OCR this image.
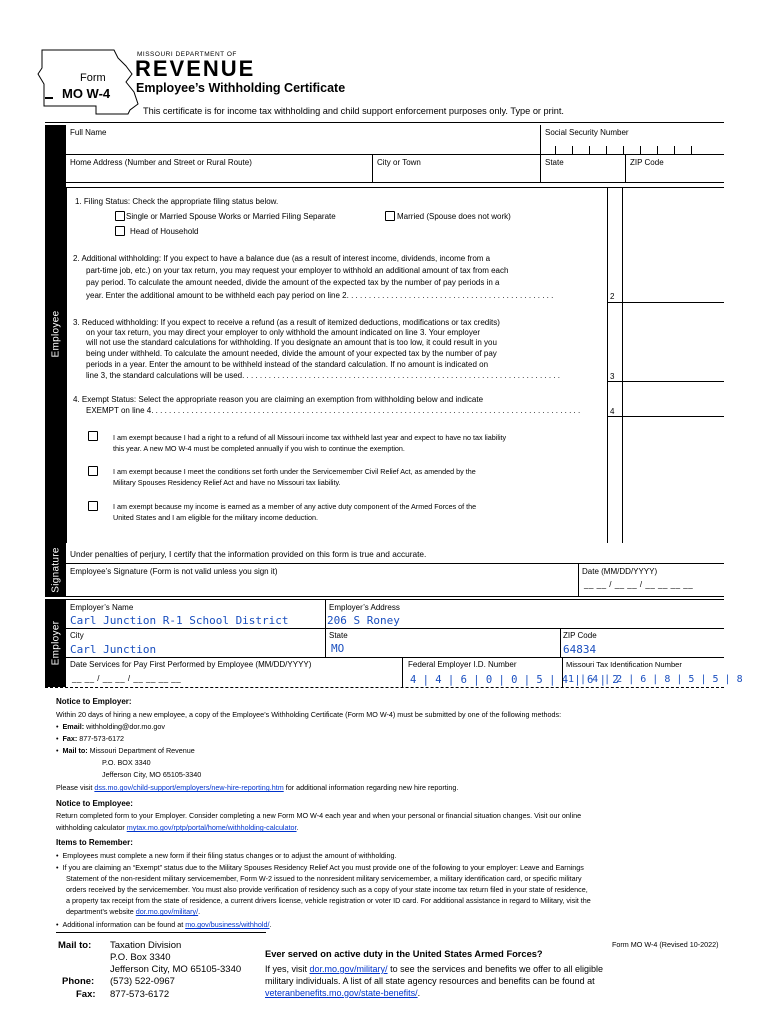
Form
MO W-4
MISSOURI DEPARTMENT OF
REVENUE
Employee’s Withholding Certificate
This certificate is for income tax withholding and child support enforcement purposes only. Type or print.
Employee
Full Name	Social Security Number
Home Address (Number and Street or Rural Route)	City or Town	State	ZIP Code
1. Filing Status: Check the appropriate filing status below.
Single or Married Spouse Works or Married Filing Separate	Married (Spouse does not work)
Head of Household
2. Additional withholding: If you expect to have a balance due (as a result of interest income, dividends, income from a
part-time job, etc.) on your tax return, you may request your employer to withhold an additional amount of tax from each
pay period. To calculate the amount needed, divide the amount of the expected tax by the number of pay periods in a
year. Enter the additional amount to be withheld each pay period on line 2. . . . . . . . . . . . . . . . . . . . . . . . . . . . . . . . . . . . . . . . . . . . . . .	2
3. Reduced withholding: If you expect to receive a refund (as a result of itemized deductions, modifications or tax credits)
on your tax return, you may direct your employer to only withhold the amount indicated on line 3. Your employer
will not use the standard calculations for withholding. If you designate an amount that is too low, it could result in you
being under withheld. To calculate the amount needed, divide the amount of your expected tax by the number of pay
periods in a year. Enter the amount to be withheld instead of the standard calculation. If no amount is indicated on
line 3, the standard calculations will be used. . . . . . . . . . . . . . . . . . . . . . . . . . . . . . . . . . . . . . . . . . . . . . . . . . . . . . . . . . . . . . . . . . . . . . . .	3
4. Exempt Status: Select the appropriate reason you are claiming an exemption from withholding below and indicate
EXEMPT on line 4. . . . . . . . . . . . . . . . . . . . . . . . . . . . . . . . . . . . . . . . . . . . . . . . . . . . . . . . . . . . . . . . . . . . . . . . . . . . . . . . . . . . . . . . . . . . . . . . .	4
I am exempt because I had a right to a refund of all Missouri income tax withheld last year and expect to have no tax liability
this year. A new MO W-4 must be completed annually if you wish to continue the exemption.
I am exempt because I meet the conditions set forth under the Servicemember Civil Relief Act, as amended by the
Military Spouses Residency Relief Act and have no Missouri tax liability.
I am exempt because my income is earned as a member of any active duty component of the Armed Forces of the
United States and I am eligible for the military income deduction.
Signature Under penalties of perjury, I certify that the information provided on this form is true and accurate.
Employee’s Signature (Form is not valid unless you sign it)	Date (MM/DD/YYYY)
__ __ / __ __ / __ __ __ __
Employer
Employer’s Name
Carl Junction R-1 School District
Employer’s Address
206 S Roney
City
Carl Junction
State
MO
ZIP Code
64834
Date Services for Pay First Performed by Employee (MM/DD/YYYY)
__ __ / __ __ / __ __ __ __
Federal Employer I.D. Number
4 | 4 | 6 | 0 | 0 | 5 | 4 | 6 | 2
Missouri Tax Identification Number
1 | 4 | 2 | 6 | 8 | 5 | 5 | 8
Notice to Employer:
Within 20 days of hiring a new employee, a copy of the Employee’s Withholding Certificate (Form MO W-4) must be submitted by one of the following methods:
•  Email: withholding@dor.mo.gov
•  Fax: 877-573-6172
•  Mail to: Missouri Department of Revenue
P.O. BOX 3340
Jefferson City, MO 65105-3340
Please visit dss.mo.gov/child-support/employers/new-hire-reporting.htm for additional information regarding new hire reporting.
Notice to Employee:
Return completed form to your Employer. Consider completing a new Form MO W-4 each year and when your personal or financial situation changes. Visit our online
withholding calculator mytax.mo.gov/rptp/portal/home/withholding-calculator.
Items to Remember:
•  Employees must complete a new form if their filing status changes or to adjust the amount of withholding.
•  If you are claiming an “Exempt” status due to the Military Spouses Residency Relief Act you must provide one of the following to your employer: Leave and Earnings
Statement of the non-resident military servicemember, Form W-2 issued to the nonresident military servicemember, a military identification card, or specific military
orders received by the servicemember. You must also provide verification of residency such as a copy of your state income tax return filed in your state of residence,
a property tax receipt from the state of residence, a current drivers license, vehicle registration or voter ID card. For additional assistance in regard to Military, visit the
department’s website dor.mo.gov/military/.
•  Additional information can be found at mo.gov/business/withhold/.
Mail to: Taxation Division
P.O. Box 3340
Jefferson City, MO 65105-3340
Phone: (573) 522-0967
Fax: 877-573-6172
Form MO W-4 (Revised 10-2022)
Ever served on active duty in the United States Armed Forces?
If yes, visit dor.mo.gov/military/ to see the services and benefits we offer to all eligible
military individuals. A list of all state agency resources and benefits can be found at
veteranbenefits.mo.gov/state-benefits/.
